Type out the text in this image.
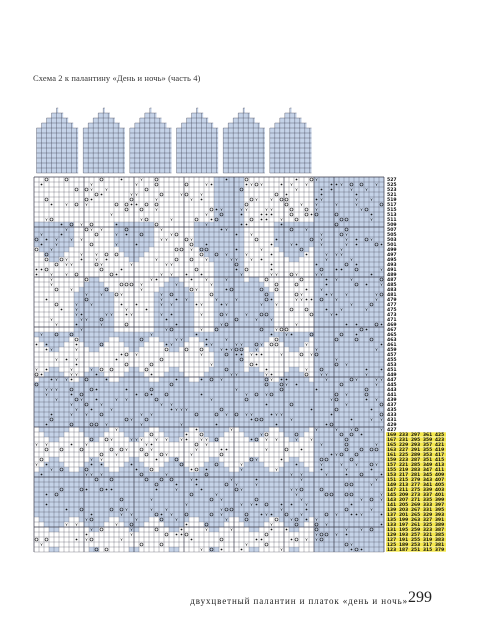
Схема 2 к палантину «День и ночь» (часть 4)
ʏ	ʏ
ʏ	ʏ	ʏ	ʏ ʏ	ʏ	ʏ	ʏ	ʏ
ʏ	ʏ	ʏ	ʏ	ʏ
ʏ ʏ	ʏ	ʏ
ʏ	ʏ	ʏ	ʏ	ʏ	ʏ	ʏ
ʏ	ʏ	ʏ	ʏ	ʏ	ʏ
ʏ	ʏ	ʏ ʏ	ʏ ʏ	ʏ	ʏ
ʏ	ʏ
ʏ	ʏ	ʏ	ʏ	ʏ
ʏ	ʏ
ʏ	ʏ ʏ	ʏ	ʏ	ʏ
ʏ	ʏ	ʏ	ʏ	ʏ	ʏ
ʏ	ʏ ʏ	ʏ ʏ	ʏ	ʏ	ʏ	ʏ
ʏ	ʏ	ʏ	ʏ	ʏ
ʏ	ʏ	ʏ	ʏ
ʏ	ʏ	ʏ	ʏ	ʏ ʏ ʏ
ʏ	ʏ	ʏ	ʏ	ʏ ʏ	ʏ	ʏ	ʏ
ʏ ʏ	ʏ	ʏ	ʏ ʏ
ʏ
ʏ	ʏ	ʏ ʏ	ʏ	ʏ ʏ	ʏ	ʏ ʏ
ʏ	ʏ	ʏ	ʏ	ʏ	ʏ
ʏ	ʏ	ʏ	ʏ	ʏ
ʏ	ʏ	ʏ	ʏ
ʏ	ʏ	ʏ	ʏ	ʏ	ʏ	ʏ	ʏ
ʏ	ʏ	ʏ	ʏ	ʏ ʏ	ʏ	ʏ
ʏ	ʏ	ʏ ʏ	ʏ	ʏ	ʏ	ʏ	ʏ
ʏ	ʏ	ʏ	ʏ
ʏ	ʏ ʏ	ʏ	ʏ	ʏ	ʏ	ʏ	ʏ
ʏ	ʏ ʏ	ʏ	ʏ
ʏ	ʏ	ʏ	ʏ
ʏ	ʏ	ʏ	ʏ
ʏ	ʏ	ʏ
ʏ ʏ	ʏ
ʏ	ʏ	ʏ ʏ	ʏ	ʏ
ʏ	ʏ	ʏ ʏ	ʏ	ʏ	ʏ
ʏ	ʏ	ʏ	ʏ	ʏ
ʏ	ʏ	ʏ
ʏ	ʏ
ʏ	ʏ	ʏ	ʏ
ʏ ʏ	ʏ ʏ	ʏ	ʏ ʏ	ʏ
ʏ ʏ	ʏ	ʏ	ʏ	ʏ	ʏ ʏ
ʏ	ʏ
ʏ ʏ ʏ	ʏ
ʏ	ʏ	ʏ	ʏ
ʏ	ʏ	ʏ ʏ	ʏ	ʏ	ʏ
ʏ	ʏ	ʏ ʏ	ʏ
ʏ	ʏ	ʏ ʏ ʏ
ʏ	ʏ	ʏ ʏ	ʏ	ʏ ʏ	ʏ ʏ
ʏ	ʏ	ʏ ʏ
ʏ	ʏ	ʏ
ʏ	ʏ	ʏ	ʏ	ʏ	ʏ
ʏ
ʏ	ʏ ʏ ʏ	ʏ ʏ	ʏ	ʏ ʏ	ʏ ʏ	ʏ	ʏ
ʏ ʏ	ʏ	ʏ	ʏ	ʏ	ʏ
ʏ	ʏ	ʏ	ʏ
ʏ	ʏ	ʏ	ʏ
ʏ ʏ	ʏ
ʏ	ʏ	ʏ	ʏ	ʏ	ʏ
ʏ	ʏ	ʏ	ʏ
ʏ ʏ ʏ	ʏ	ʏ ʏ	ʏ
ʏ	ʏ	ʏ	ʏ
ʏ	ʏ	ʏ
ʏ	ʏ	ʏ ʏ
ʏ	ʏ	ʏ
ʏ	ʏ	ʏ	ʏ	ʏ
ʏ	ʏ ʏ	ʏ
ʏ	ʏ	ʏ	ʏ	ʏ	ʏ
ʏ ʏ	ʏ	ʏ	ʏ	ʏ	ʏ	ʏ
ʏ	ʏ	ʏ	ʏ	ʏ	ʏ
ʏ ʏ	ʏ	ʏ	ʏ
ʏ	ʏ	ʏ	ʏ	ʏ	ʏ
ʏ	ʏ	ʏ
ʏ	ʏ	ʏ ʏ
ʏ	ʏ	ʏ
ʏ	ʏ
527
525
523
521
519
517
515
513
511
509
507
505
503
501
499
497
495
493
491
489
487
485
483
481
479
477
475
473
471
469
467
465
463
461
459
457
455
453
451
449
447
445
443
441
439
437
435
433
431
429
427
169 233 297 361 425
167 231 295 359 423
165 229 293 357 421
163 227 291 355 419
161 225 289 353 417
159 223 287 351 415
157 221 285 349 413
155 219 283 347 411
153 217 281 345 409
151 215 279 343 407
149 213 277 341 405
147 211 275 339 403
145 209 273 337 401
143 207 271 335 399
141 205 269 333 397
139 203 267 331 395
137 201 265 329 393
135 199 263 327 391
133 197 261 325 389
131 195 259 323 387
129 193 257 321 385
127 191 255 319 383
125 189 253 317 381
123 187 251 315 379
двухцветный палантин и платок «день и ночь» 299
